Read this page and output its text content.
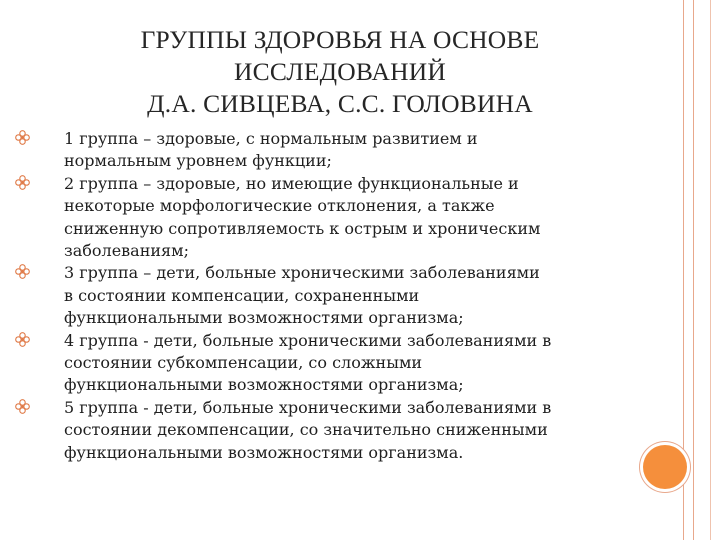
ГРУППЫ ЗДОРОВЬЯ НА ОСНОВЕ
ИССЛЕДОВАНИЙ
Д.А. СИВЦЕВА, С.С. ГОЛОВИНА
1 группа – здоровые, с нормальным развитием и
нормальным уровнем функции;
2 группа – здоровые, но имеющие функциональные и
некоторые морфологические отклонения, а также
сниженную сопротивляемость к острым и хроническим
заболеваниям;
3 группа – дети, больные хроническими заболеваниями
в состоянии компенсации, сохраненными
функциональными возможностями организма;
4 группа - дети, больные хроническими заболеваниями в
состоянии субкомпенсации, со сложными
функциональными возможностями организма;
5 группа - дети, больные хроническими заболеваниями в
состоянии декомпенсации, со значительно сниженными
функциональными возможностями организма.
